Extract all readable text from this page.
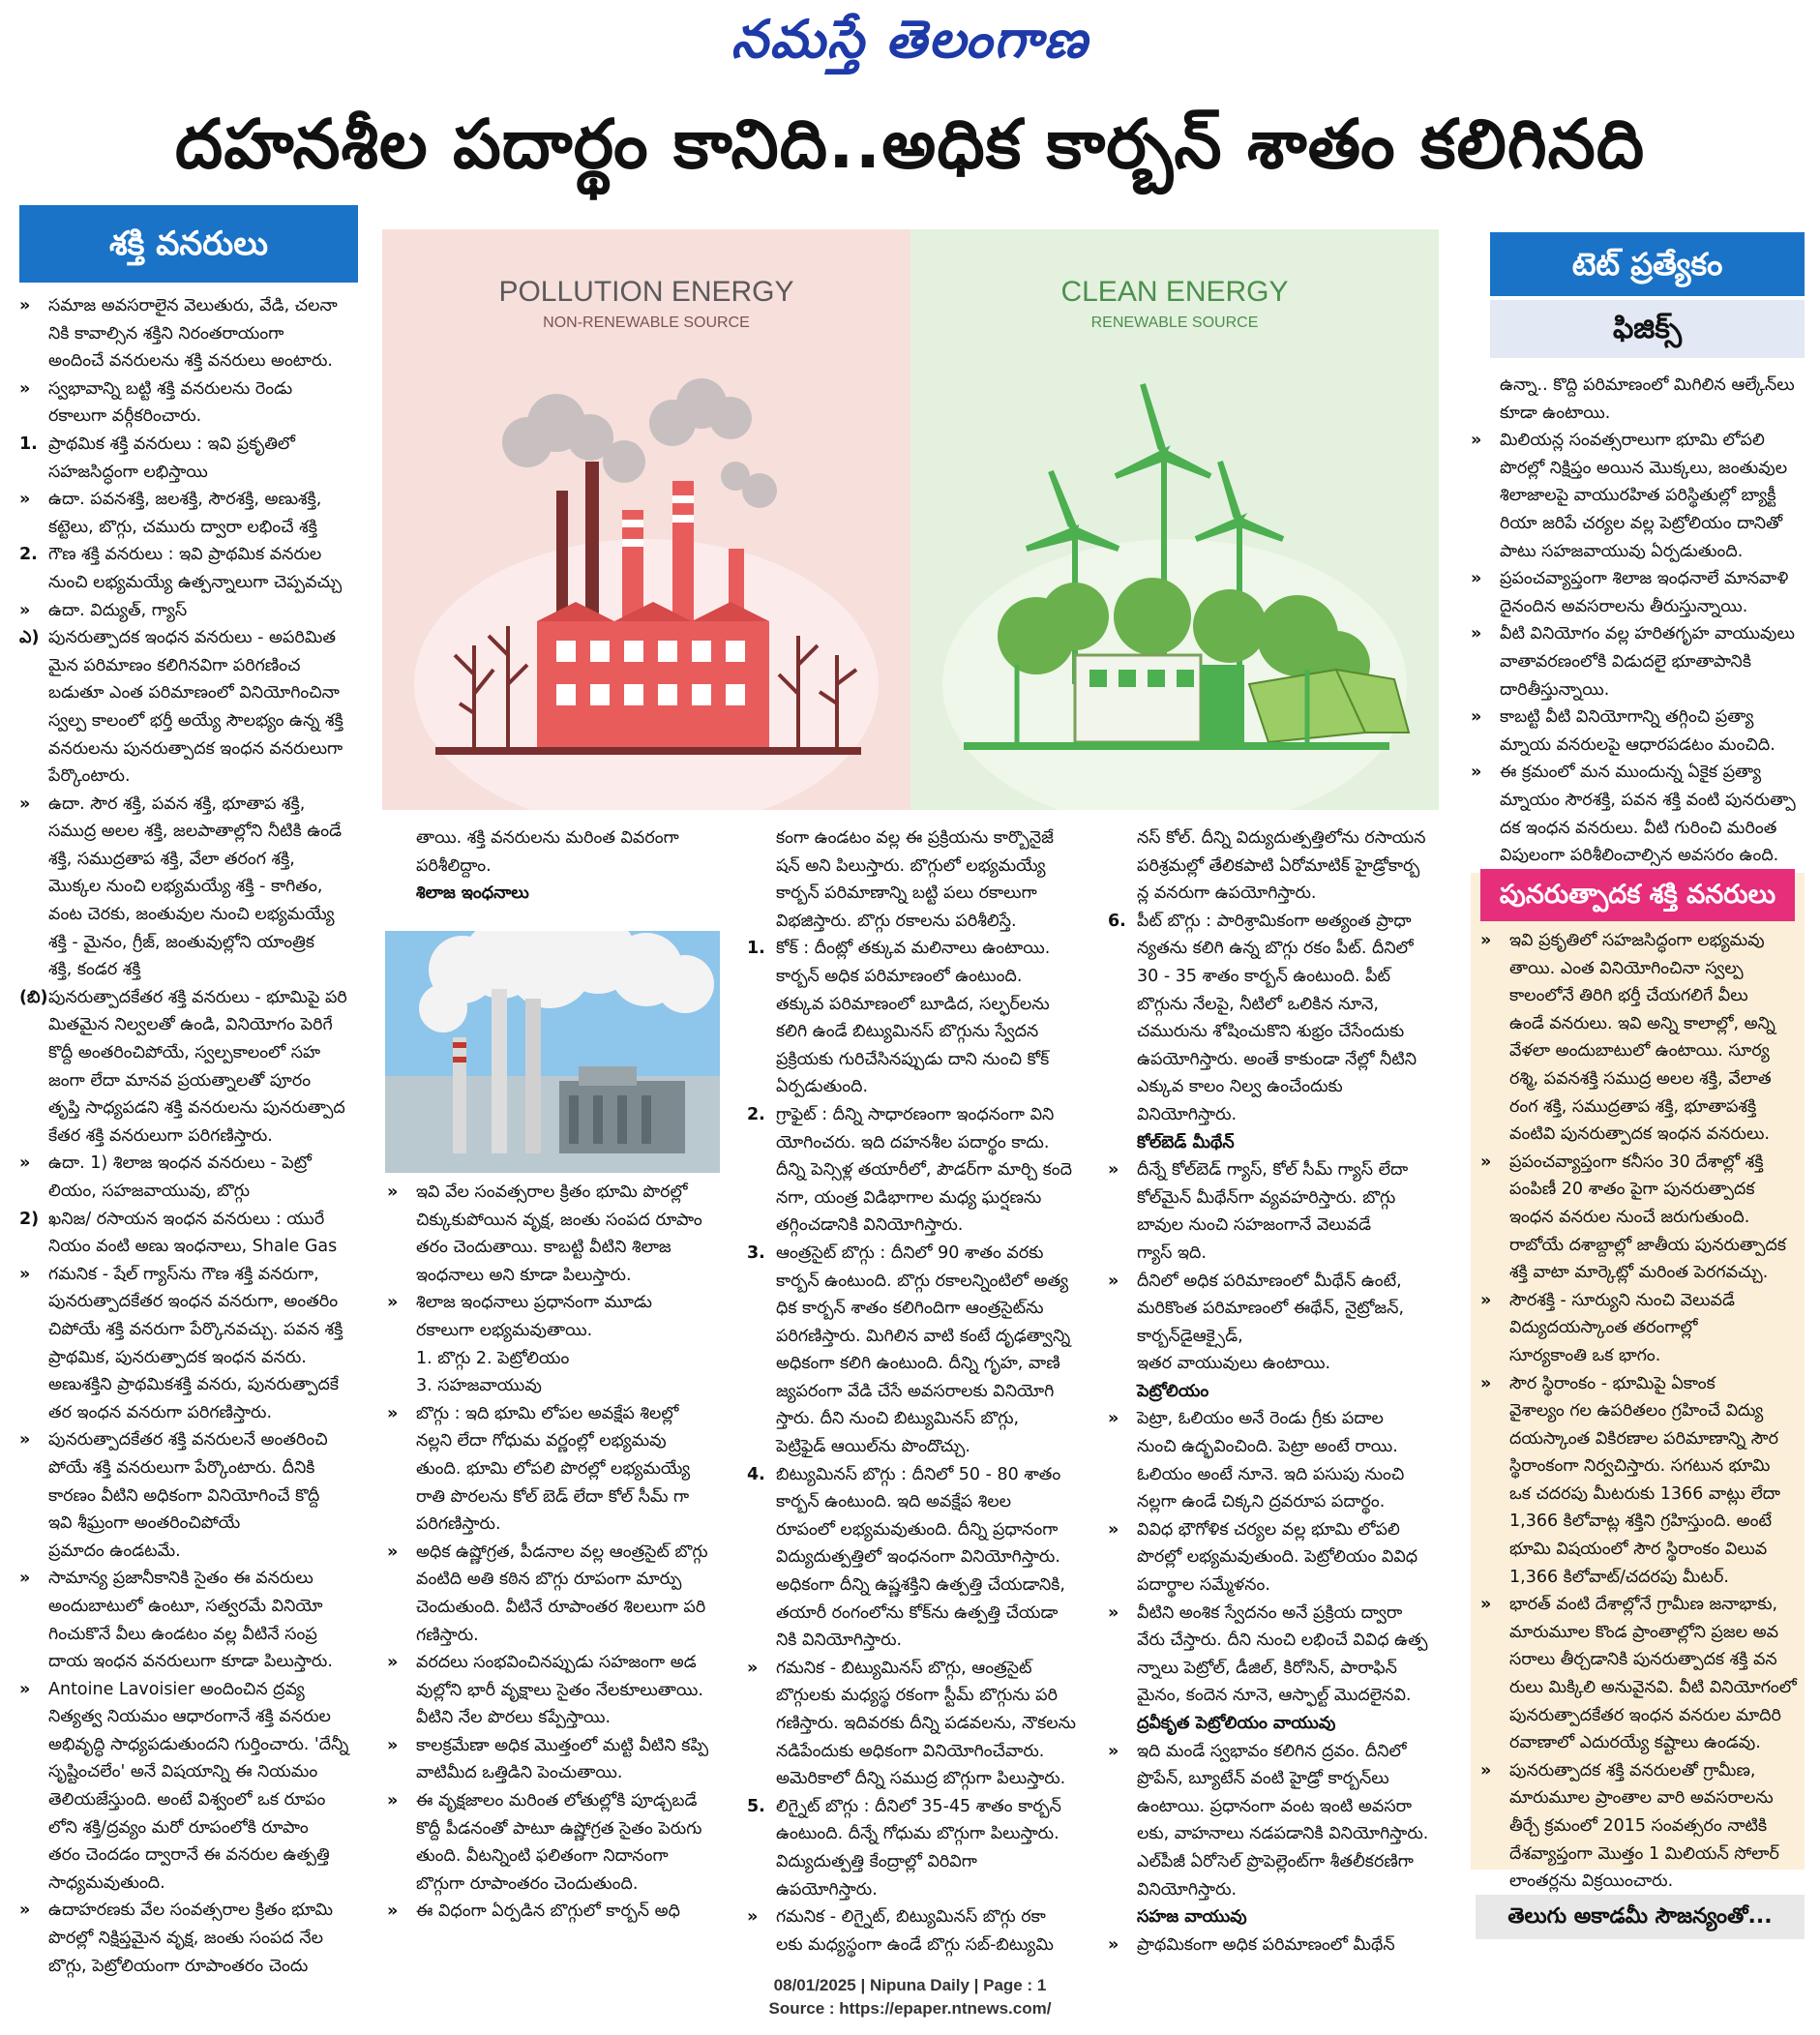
నమస్తే తెలంగాణ
దహనశీల పదార్థం కానిది..అధిక కార్బన్ శాతం కలిగినది
శక్తి వనరులు

»	సమాజ అవసరాలైన వెలుతురు, వేడి, చలనా

నికి కావాల్సిన శక్తిని నిరంతరాయంగా

అందించే వనరులను శక్తి వనరులు అంటారు.

»	స్వభావాన్ని బట్టి శక్తి వనరులను రెండు

రకాలుగా వర్గీకరించారు.

1. ప్రాథమిక శక్తి వనరులు : ఇవి ప్రకృతిలో

సహజసిద్ధంగా లభిస్తాయి

»	ఉదా. పవనశక్తి, జలశక్తి, సౌరశక్తి, అణుశక్తి,

కట్టెలు, బొగ్గు, చమురు ద్వారా లభించే శక్తి

2. గౌణ శక్తి వనరులు : ఇవి ప్రాథమిక వనరుల

నుంచి లభ్యమయ్యే ఉత్పన్నాలుగా చెప్పవచ్చు

»	ఉదా. విద్యుత్, గ్యాస్

ఎ) పునరుత్పాదక ఇంధన వనరులు - అపరిమిత

మైన పరిమాణం కలిగినవిగా పరిగణించ

బడుతూ ఎంత పరిమాణంలో వినియోగించినా

స్వల్ప కాలంలో భర్తీ అయ్యే సౌలభ్యం ఉన్న శక్తి

వనరులను పునరుత్పాదక ఇంధన వనరులుగా

పేర్కొంటారు.

»	ఉదా. సౌర శక్తి, పవన శక్తి, భూతాప శక్తి,

సముద్ర అలల శక్తి, జలపాతాల్లోని నీటికి ఉండే

శక్తి, సముద్రతాప శక్తి, వేలా తరంగ శక్తి,

మొక్కల నుంచి లభ్యమయ్యే శక్తి - కాగితం,

వంట చెరకు, జంతువుల నుంచి లభ్యమయ్యే

శక్తి - మైనం, గ్రీజ్, జంతువుల్లోని యాంత్రిక

శక్తి, కండర శక్తి

(బి) పునరుత్పాదకేతర శక్తి వనరులు - భూమిపై పరి

మితమైన నిల్వలతో ఉండి, వినియోగం పెరిగే

కొద్దీ అంతరించిపోయే, స్వల్పకాలంలో సహ

జంగా లేదా మానవ ప్రయత్నాలతో పూరం

తృప్తి సాధ్యపడని శక్తి వనరులను పునరుత్పాద

కేతర శక్తి వనరులుగా పరిగణిస్తారు.

»	ఉదా. 1) శిలాజ ఇంధన వనరులు - పెట్రో

లియం, సహజవాయువు, బొగ్గు

2) ఖనిజ/ రసాయన ఇంధన వనరులు : యురే

నియం వంటి అణు ఇంధనాలు, Shale Gas

»	గమనిక - షేల్ గ్యాస్‌ను గౌణ శక్తి వనరుగా,

పునరుత్పాదకేతర ఇంధన వనరుగా, అంతరిం

చిపోయే శక్తి వనరుగా పేర్కొనవచ్చు. పవన శక్తి

ప్రాథమిక, పునరుత్పాదక ఇంధన వనరు.

అణుశక్తిని ప్రాథమికశక్తి వనరు, పునరుత్పాదకే

తర ఇంధన వనరుగా పరిగణిస్తారు.

»	పునరుత్పాదకేతర శక్తి వనరులనే అంతరించి

పోయే శక్తి వనరులుగా పేర్కొంటారు. దీనికి

కారణం వీటిని అధికంగా వినియోగించే కొద్దీ

ఇవి శీఘ్రంగా అంతరించిపోయే

ప్రమాదం ఉండటమే.

»	సామాన్య ప్రజానీకానికి సైతం ఈ వనరులు

అందుబాటులో ఉంటూ, సత్వరమే వినియో

గించుకొనే వీలు ఉండటం వల్ల వీటినే సంప్ర

దాయ ఇంధన వనరులుగా కూడా పిలుస్తారు.

»	Antoine Lavoisier అందించిన ద్రవ్య

నిత్యత్వ నియమం ఆధారంగానే శక్తి వనరుల

అభివృద్ధి సాధ్యపడుతుందని గుర్తించారు. 'దేన్నీ

సృష్టించలేం' అనే విషయాన్ని ఈ నియమం

తెలియజేస్తుంది. అంటే విశ్వంలో ఒక రూపం

లోని శక్తి/ద్రవ్యం మరో రూపంలోకి రూపాం

తరం చెందడం ద్వారానే ఈ వనరుల ఉత్పత్తి

సాధ్యమవుతుంది.

»	ఉదాహరణకు వేల సంవత్సరాల క్రితం భూమి

పొరల్లో నిక్షిప్తమైన వృక్ష, జంతు సంపద నేల

బొగ్గు, పెట్రోలియంగా రూపాంతరం చెందు

POLLUTION ENERGY
NON-RENEWABLE SOURCE
CLEAN ENERGY
RENEWABLE SOURCE
టెట్ ప్రత్యేకం
ఫిజిక్స్

ఉన్నా.. కొద్ది పరిమాణంలో మిగిలిన ఆల్కేన్‌లు

కూడా ఉంటాయి.

»	మిలియన్ల సంవత్సరాలుగా భూమి లోపలి

పొరల్లో నిక్షిప్తం అయిన మొక్కలు, జంతువుల

శిలాజాలపై వాయురహిత పరిస్థితుల్లో బ్యాక్టీ

రియా జరిపే చర్యల వల్ల పెట్రోలియం దానితో

పాటు సహజవాయువు ఏర్పడుతుంది.

»	ప్రపంచవ్యాప్తంగా శిలాజ ఇంధనాలే మానవాళి

దైనందిన అవసరాలను తీరుస్తున్నాయి.

»	వీటి వినియోగం వల్ల హరితగృహ వాయువులు

వాతావరణంలోకి విడుదలై భూతాపానికి

దారితీస్తున్నాయి.

»	కాబట్టి వీటి వినియోగాన్ని తగ్గించి ప్రత్యా

మ్నాయ వనరులపై ఆధారపడటం మంచిది.

»	ఈ క్రమంలో మన ముందున్న ఏకైక ప్రత్యా

మ్నాయం సౌరశక్తి, పవన శక్తి వంటి పునరుత్పా

దక ఇంధన వనరులు. వీటి గురించి మరింత

విపులంగా పరిశీలించాల్సిన అవసరం ఉంది.

పునరుత్పాదక శక్తి వనరులు

»	ఇవి ప్రకృతిలో సహజసిద్ధంగా లభ్యమవు

తాయి. ఎంత వినియోగించినా స్వల్ప

కాలంలోనే తిరిగి భర్తీ చేయగలిగే వీలు

ఉండే వనరులు. ఇవి అన్ని కాలాల్లో, అన్ని

వేళలా అందుబాటులో ఉంటాయి. సూర్య

రశ్మి, పవనశక్తి సముద్ర అలల శక్తి, వేలాత

రంగ శక్తి, సముద్రతాప శక్తి, భూతాపశక్తి

వంటివి పునరుత్పాదక ఇంధన వనరులు.

»	ప్రపంచవ్యాప్తంగా కనీసం 30 దేశాల్లో శక్తి

పంపిణీ 20 శాతం పైగా పునరుత్పాదక

ఇంధన వనరుల నుంచే జరుగుతుంది.

రాబోయే దశాబ్దాల్లో జాతీయ పునరుత్పాదక

శక్తి వాటా మార్కెట్లో మరింత పెరగవచ్చు.

»	సౌరశక్తి - సూర్యుని నుంచి వెలువడే

విద్యుదయస్కాంత తరంగాల్లో

సూర్యకాంతి ఒక భాగం.

»	సౌర స్థిరాంకం - భూమిపై ఏకాంక

వైశాల్యం గల ఉపరితలం గ్రహించే విద్యు

దయస్కాంత వికిరణాల పరిమాణాన్ని సౌర

స్థిరాంకంగా నిర్వచిస్తారు. సగటున భూమి

ఒక చదరపు మీటరుకు 1366 వాట్లు లేదా

1,366 కిలోవాట్ల శక్తిని గ్రహిస్తుంది. అంటే

భూమి విషయంలో సౌర స్థిరాంకం విలువ

1,366 కిలోవాట్/చదరపు మీటర్.

»	భారత్ వంటి దేశాల్లోనే గ్రామీణ జనాభాకు,

మారుమూల కొండ ప్రాంతాల్లోని ప్రజల అవ

సరాలు తీర్చడానికి పునరుత్పాదక శక్తి వన

రులు మిక్కిలి అనువైనవి. వీటి వినియోగంలో

పునరుత్పాదకేతర ఇంధన వనరుల మాదిరి

రవాణాలో ఎదురయ్యే కష్టాలు ఉండవు.

»	పునరుత్పాదక శక్తి వనరులతో గ్రామీణ,

మారుమూల ప్రాంతాల వారి అవసరాలను

తీర్చే క్రమంలో 2015 సంవత్సరం నాటికి

దేశవ్యాప్తంగా మొత్తం 1 మిలియన్ సోలార్

లాంతర్లను విక్రయించారు.

తాయి. శక్తి వనరులను మరింత వివరంగా

పరిశీలిద్దాం.

శిలాజ ఇంధనాలు

»	ఇవి వేల సంవత్సరాల క్రితం భూమి పొరల్లో

చిక్కుకుపోయిన వృక్ష, జంతు సంపద రూపాం

తరం చెందుతాయి. కాబట్టి వీటిని శిలాజ

ఇంధనాలు అని కూడా పిలుస్తారు.

»	శిలాజ ఇంధనాలు ప్రధానంగా మూడు

రకాలుగా లభ్యమవుతాయి.

1. బొగ్గు 2. పెట్రోలియం

3. సహజవాయువు

»	బొగ్గు : ఇది భూమి లోపల అవక్షేప శిలల్లో

నల్లని లేదా గోధుమ వర్ణంల్లో లభ్యమవు

తుంది. భూమి లోపలి పొరల్లో లభ్యమయ్యే

రాతి పొరలను కోల్ బెడ్ లేదా కోల్ సీమ్ గా

పరిగణిస్తారు.

»	అధిక ఉష్ణోగ్రత, పీడనాల వల్ల ఆంత్రసైట్ బొగ్గు

వంటిది అతి కఠిన బొగ్గు రూపంగా మార్పు

చెందుతుంది. వీటినే రూపాంతర శిలలుగా పరి

గణిస్తారు.

»	వరదలు సంభవించినప్పుడు సహజంగా అడ

వుల్లోని భారీ వృక్షాలు సైతం నేలకూలుతాయి.

వీటిని నేల పొరలు కప్పేస్తాయి.

»	కాలక్రమేణా అధిక మొత్తంలో మట్టి వీటిని కప్పి

వాటిమీద ఒత్తిడిని పెంచుతాయి.

»	ఈ వృక్షజాలం మరింత లోతుల్లోకి పూడ్చబడే

కొద్దీ పీడనంతో పాటూ ఉష్ణోగ్రత సైతం పెరుగు

తుంది. వీటన్నింటి ఫలితంగా నిదానంగా

బొగ్గుగా రూపాంతరం చెందుతుంది.

»	ఈ విధంగా ఏర్పడిన బొగ్గులో కార్బన్ అధి

కంగా ఉండటం వల్ల ఈ ప్రక్రియను కార్బొనైజే

షన్ అని పిలుస్తారు. బొగ్గులో లభ్యమయ్యే

కార్బన్ పరిమాణాన్ని బట్టి పలు రకాలుగా

విభజిస్తారు. బొగ్గు రకాలను పరిశీలిస్తే.

1. కోక్ : దీంట్లో తక్కువ మలినాలు ఉంటాయి.

కార్బన్ అధిక పరిమాణంలో ఉంటుంది.

తక్కువ పరిమాణంలో బూడిద, సల్ఫర్‌లను

కలిగి ఉండే బిట్యుమినస్ బొగ్గును స్వేదన

ప్రక్రియకు గురిచేసినప్పుడు దాని నుంచి కోక్

ఏర్పడుతుంది.

2. గ్రాఫైట్ : దీన్ని సాధారణంగా ఇంధనంగా విని

యోగించరు. ఇది దహనశీల పదార్థం కాదు.

దీన్ని పెన్సిళ్ల తయారీలో, పౌడర్‌గా మార్చి కందె

నగా, యంత్ర విడిభాగాల మధ్య ఘర్షణను

తగ్గించడానికి వినియోగిస్తారు.

3. ఆంత్రసైట్ బొగ్గు : దీనిలో 90 శాతం వరకు

కార్బన్ ఉంటుంది. బొగ్గు రకాలన్నింటిలో అత్య

ధిక కార్బన్ శాతం కలిగిందిగా ఆంత్రసైట్‌ను

పరిగణిస్తారు. మిగిలిన వాటి కంటే దృఢత్వాన్ని

అధికంగా కలిగి ఉంటుంది. దీన్ని గృహ, వాణి

జ్యపరంగా వేడి చేసే అవసరాలకు వినియోగి

స్తారు. దీని నుంచి బిట్యుమినస్ బొగ్గు,

పెట్రిఫైడ్ ఆయిల్‌ను పొందొచ్చు.

4. బిట్యుమినస్ బొగ్గు : దీనిలో 50 - 80 శాతం

కార్బన్ ఉంటుంది. ఇది అవక్షేప శిలల

రూపంలో లభ్యమవుతుంది. దీన్ని ప్రధానంగా

విద్యుదుత్పత్తిలో ఇంధనంగా వినియోగిస్తారు.

అధికంగా దీన్ని ఉష్ణశక్తిని ఉత్పత్తి చేయడానికి,

తయారీ రంగంలోను కోక్‌ను ఉత్పత్తి చేయడా

నికి వినియోగిస్తారు.

»	గమనిక - బిట్యుమినస్ బొగ్గు, ఆంత్రసైట్

బొగ్గులకు మధ్యస్థ రకంగా స్టీమ్ బొగ్గును పరి

గణిస్తారు. ఇదివరకు దీన్ని పడవలను, నౌకలను

నడిపేందుకు అధికంగా వినియోగించేవారు.

అమెరికాలో దీన్ని సముద్ర బొగ్గుగా పిలుస్తారు.

5. లిగ్నైట్ బొగ్గు : దీనిలో 35-45 శాతం కార్బన్

ఉంటుంది. దీన్నే గోధుమ బొగ్గుగా పిలుస్తారు.

విద్యుదుత్పత్తి కేంద్రాల్లో విరివిగా

ఉపయోగిస్తారు.

»	గమనిక - లిగ్నైట్, బిట్యుమినస్ బొగ్గు రకా

లకు మధ్యస్థంగా ఉండే బొగ్గు సబ్-బిట్యుమి

నస్ కోల్. దీన్ని విద్యుదుత్పత్తిలోను రసాయన

పరిశ్రమల్లో తేలికపాటి ఏరోమాటిక్ హైడ్రోకార్బ

న్ల వనరుగా ఉపయోగిస్తారు.

6. పీట్ బొగ్గు : పారిశ్రామికంగా అత్యంత ప్రాధా

న్యతను కలిగి ఉన్న బొగ్గు రకం పీట్. దీనిలో

30 - 35 శాతం కార్బన్ ఉంటుంది. పీట్

బొగ్గును నేలపై, నీటిలో ఒలికిన నూనె,

చమురును శోషించుకొని శుభ్రం చేసేందుకు

ఉపయోగిస్తారు. అంతే కాకుండా నేల్లో నీటిని

ఎక్కువ కాలం నిల్వ ఉంచేందుకు

వినియోగిస్తారు.

కోల్‌బెడ్ మీథేన్

»	దీన్నే కోల్‌బెడ్ గ్యాస్, కోల్ సీమ్ గ్యాస్ లేదా

కోల్‌మైన్ మీథేన్‌గా వ్యవహరిస్తారు. బొగ్గు

బావుల నుంచి సహజంగానే వెలువడే

గ్యాస్ ఇది.

»	దీనిలో అధిక పరిమాణంలో మీథేన్ ఉంటే,

మరికొంత పరిమాణంలో ఈథేన్, నైట్రోజన్,

కార్బన్‌డైఆక్సైడ్,

ఇతర వాయువులు ఉంటాయి.

పెట్రోలియం

»	పెట్రా, ఓలియం అనే రెండు గ్రీకు పదాల

నుంచి ఉద్భవించింది. పెట్రా అంటే రాయి.

ఓలియం అంటే నూనె. ఇది పసుపు నుంచి

నల్లగా ఉండే చిక్కని ద్రవరూప పదార్థం.

»	వివిధ భౌగోళిక చర్యల వల్ల భూమి లోపలి

పొరల్లో లభ్యమవుతుంది. పెట్రోలియం వివిధ

పదార్థాల సమ్మేళనం.

»	వీటిని అంశిక స్వేదనం అనే ప్రక్రియ ద్వారా

వేరు చేస్తారు. దీని నుంచి లభించే వివిధ ఉత్ప

న్నాలు పెట్రోల్, డీజిల్, కిరోసిన్, పారాఫిన్

మైనం, కందెన నూనె, ఆస్ఫాల్ట్ మొదలైనవి.

ద్రవీకృత పెట్రోలియం వాయువు

»	ఇది మండే స్వభావం కలిగిన ద్రవం. దీనిలో

ప్రొపేన్, బ్యూటేన్ వంటి హైడ్రో కార్బన్‌లు

ఉంటాయి. ప్రధానంగా వంట ఇంటి అవసరా

లకు, వాహనాలు నడపడానికి వినియోగిస్తారు.

ఎల్‌పీజీ ఏరోసెల్ ప్రొపెల్లెంట్‌గా శీతలీకరణిగా

వినియోగిస్తారు.

సహజ వాయువు

»	ప్రాథమికంగా అధిక పరిమాణంలో మీథేన్

తెలుగు అకాడమీ సౌజన్యంతో...
08/01/2025 | Nipuna Daily | Page : 1
Source : https://epaper.ntnews.com/
